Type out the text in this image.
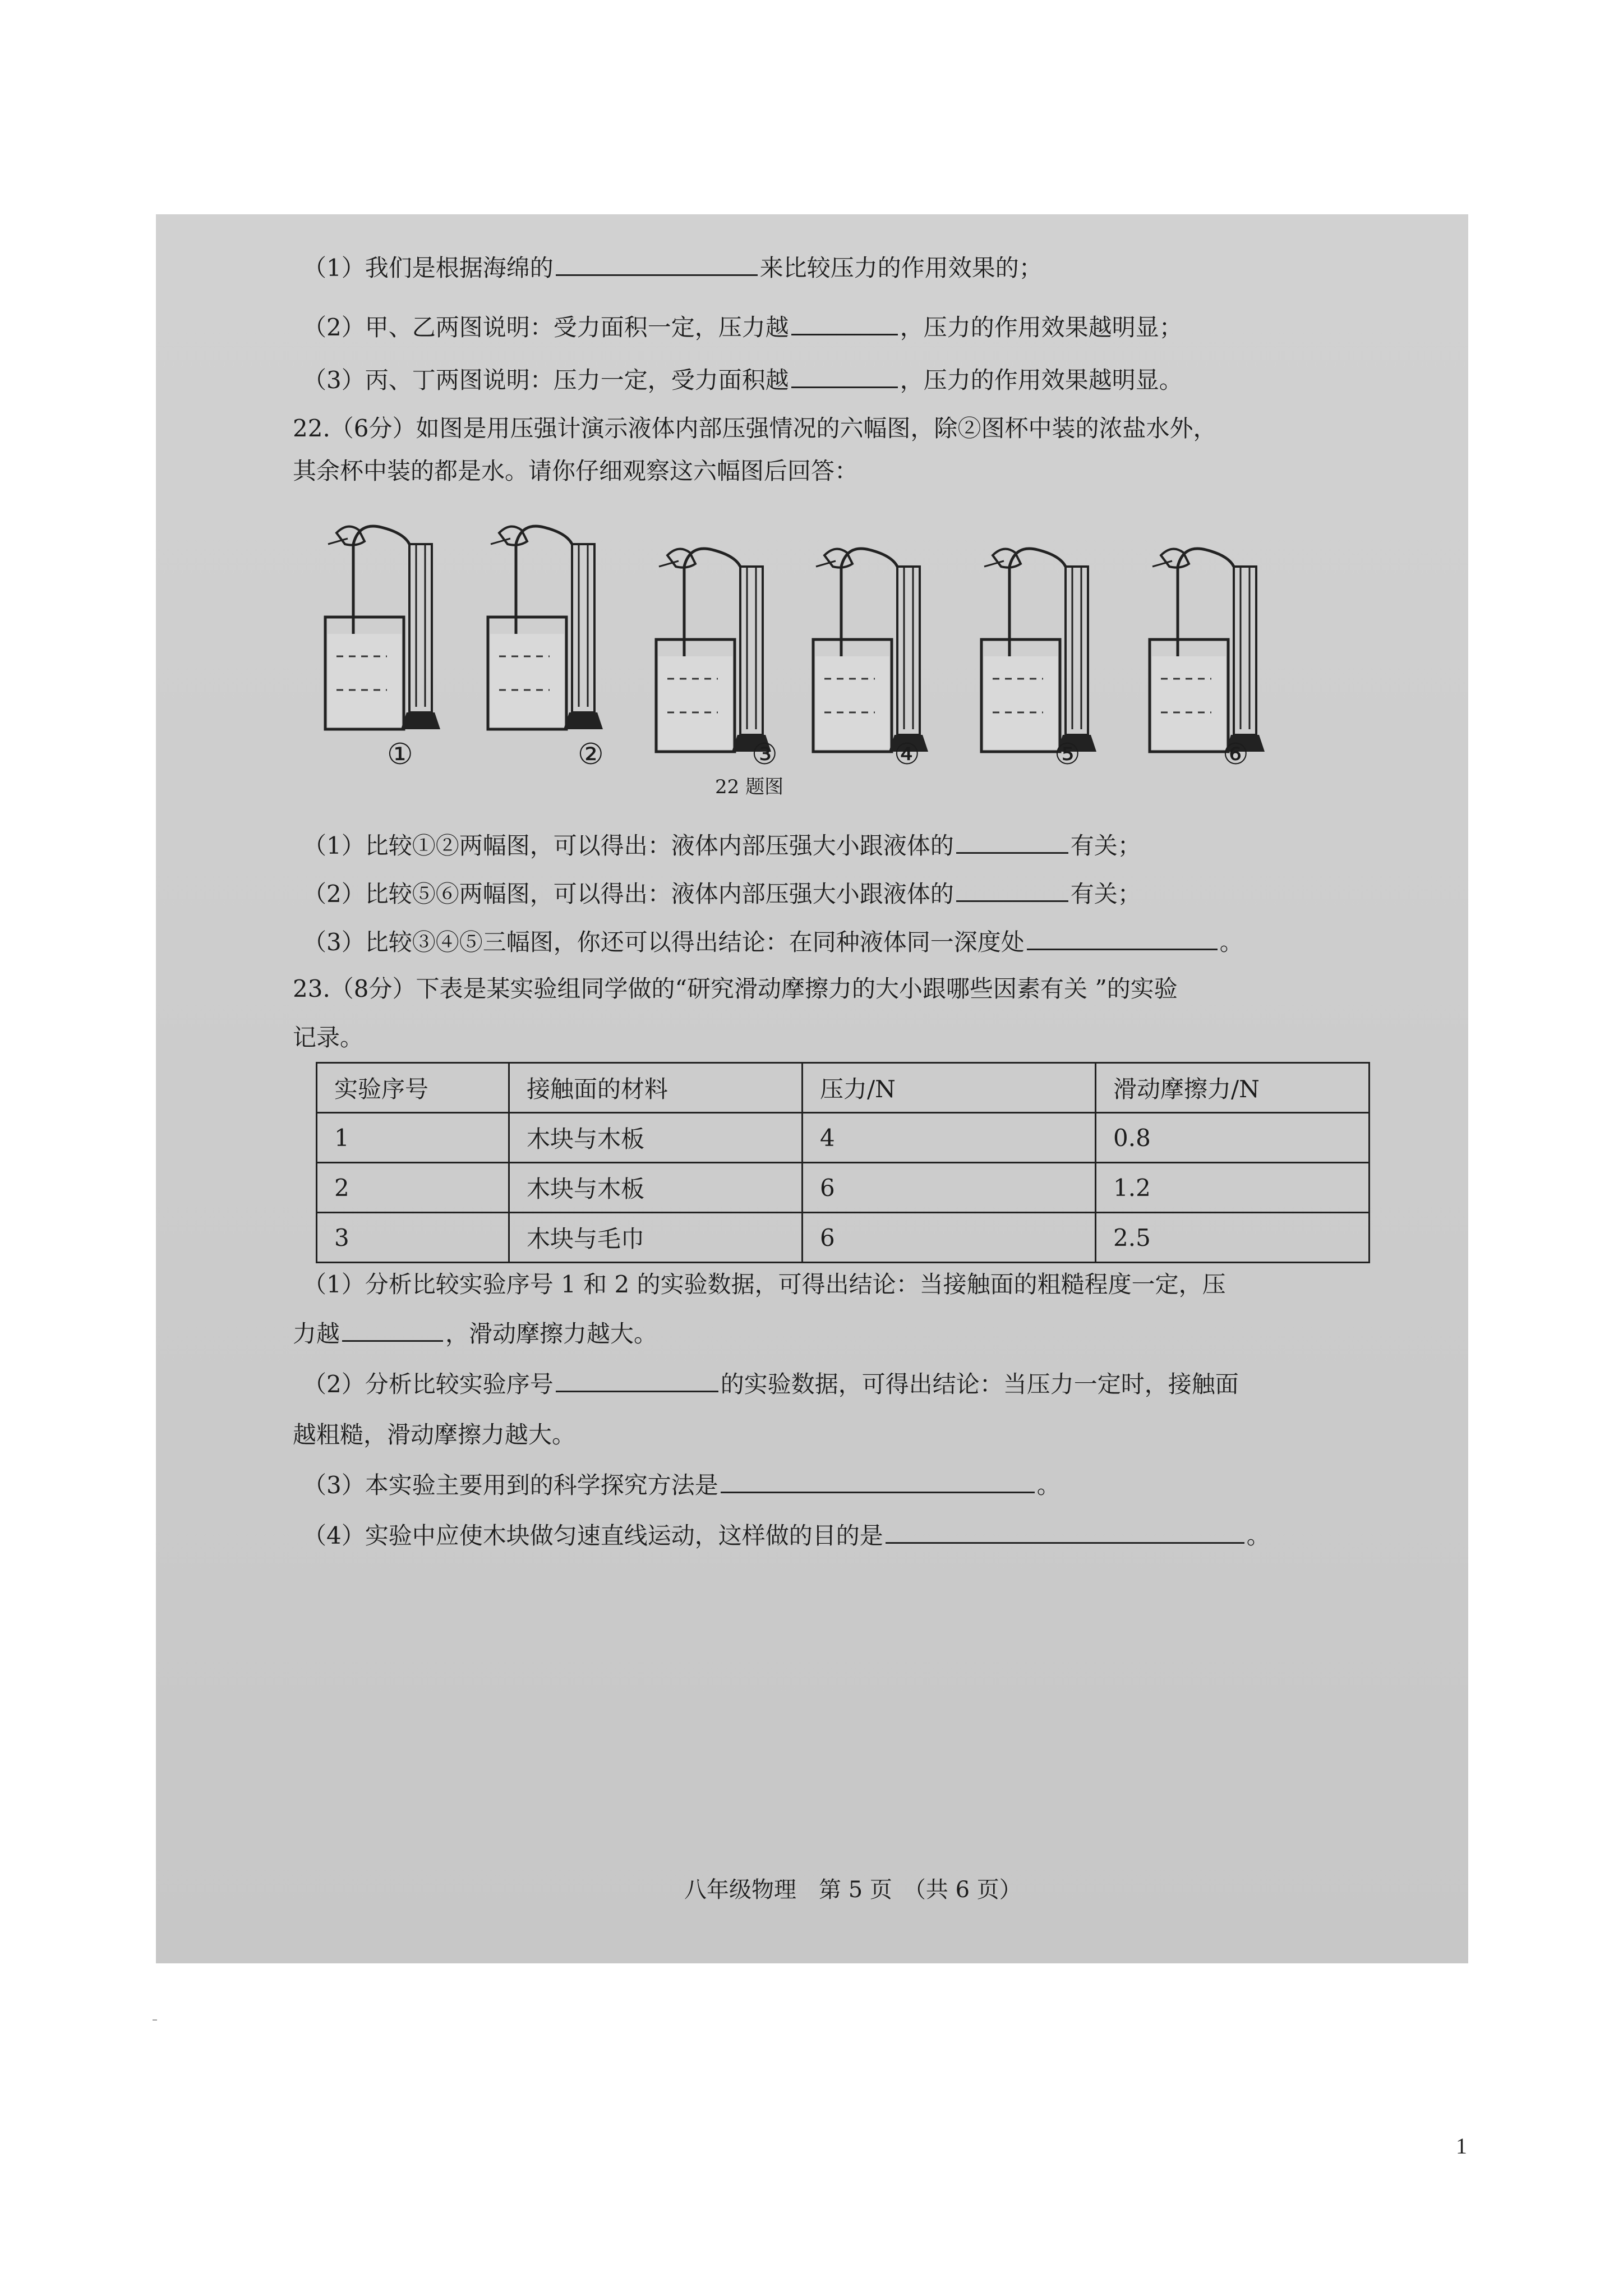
（1）我们是根据海绵的	来比较压力的作用效果的；
（2）甲、乙两图说明：受力面积一定，压力越	，压力的作用效果越明显；
（3）丙、丁两图说明：压力一定，受力面积越	，压力的作用效果越明显。
22.（6分）如图是用压强计演示液体内部压强情况的六幅图，除②图杯中装的浓盐水外，
其余杯中装的都是水。请你仔细观察这六幅图后回答：
①	②	③	④	⑤	⑥
22 题图
（1）比较①②两幅图，可以得出：液体内部压强大小跟液体的	有关；
（2）比较⑤⑥两幅图，可以得出：液体内部压强大小跟液体的	有关；
（3）比较③④⑤三幅图，你还可以得出结论：在同种液体同一深度处	。
23.（8分）下表是某实验组同学做的“研究滑动摩擦力的大小跟哪些因素有关 ”的实验
记录。
实验序号	接触面的材料	压力/N	滑动摩擦力/N
1	木块与木板	4	0.8
2	木块与木板	6	1.2
3	木块与毛巾	6	2.5
（1）分析比较实验序号 1 和 2 的实验数据，可得出结论：当接触面的粗糙程度一定，压
力越	，滑动摩擦力越大。
（2）分析比较实验序号	的实验数据，可得出结论：当压力一定时，接触面
越粗糙，滑动摩擦力越大。
（3）本实验主要用到的科学探究方法是	。
（4）实验中应使木块做匀速直线运动，这样做的目的是	。
八年级物理　第 5 页　（共 6 页）
1
